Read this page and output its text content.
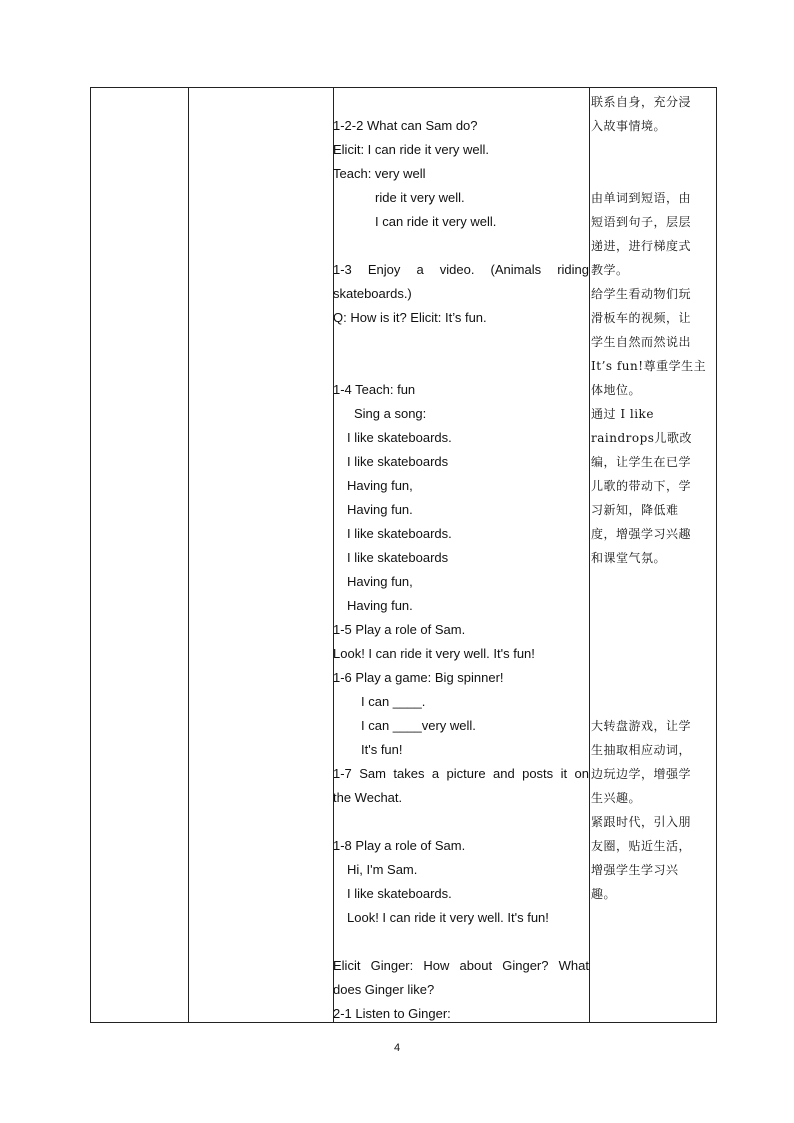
1-2-2 What can Sam do?
Elicit: I can ride it very well.
Teach: very well
ride it very well.
I can ride it very well.
1-3 Enjoy a video. (Animals riding
skateboards.)
Q: How is it? Elicit: It’s fun.
1-4 Teach: fun
Sing a song:
I like skateboards.
I like skateboards
Having fun,
Having fun.
I like skateboards.
I like skateboards
Having fun,
Having fun.
1-5 Play a role of Sam.
Look! I can ride it very well. It's fun!
1-6 Play a game: Big spinner!
I can ____.
I can ____very well.
It's fun!
1-7 Sam takes a picture and posts it on
the Wechat.
1-8 Play a role of Sam.
Hi, I'm Sam.
I like skateboards.
Look! I can ride it very well. It's fun!
Elicit Ginger: How about Ginger? What
does Ginger like?
2-1 Listen to Ginger:
联系自身，充分浸
入故事情境。
由单词到短语，由
短语到句子，层层
递进，进行梯度式
教学。
给学生看动物们玩
滑板车的视频，让
学生自然而然说出
It’s fun!尊重学生主
体地位。
通过 I like
raindrops儿歌改
编，让学生在已学
儿歌的带动下，学
习新知，降低难
度，增强学习兴趣
和课堂气氛。
大转盘游戏，让学
生抽取相应动词，
边玩边学，增强学
生兴趣。
紧跟时代，引入朋
友圈，贴近生活，
增强学生学习兴
趣。
4
